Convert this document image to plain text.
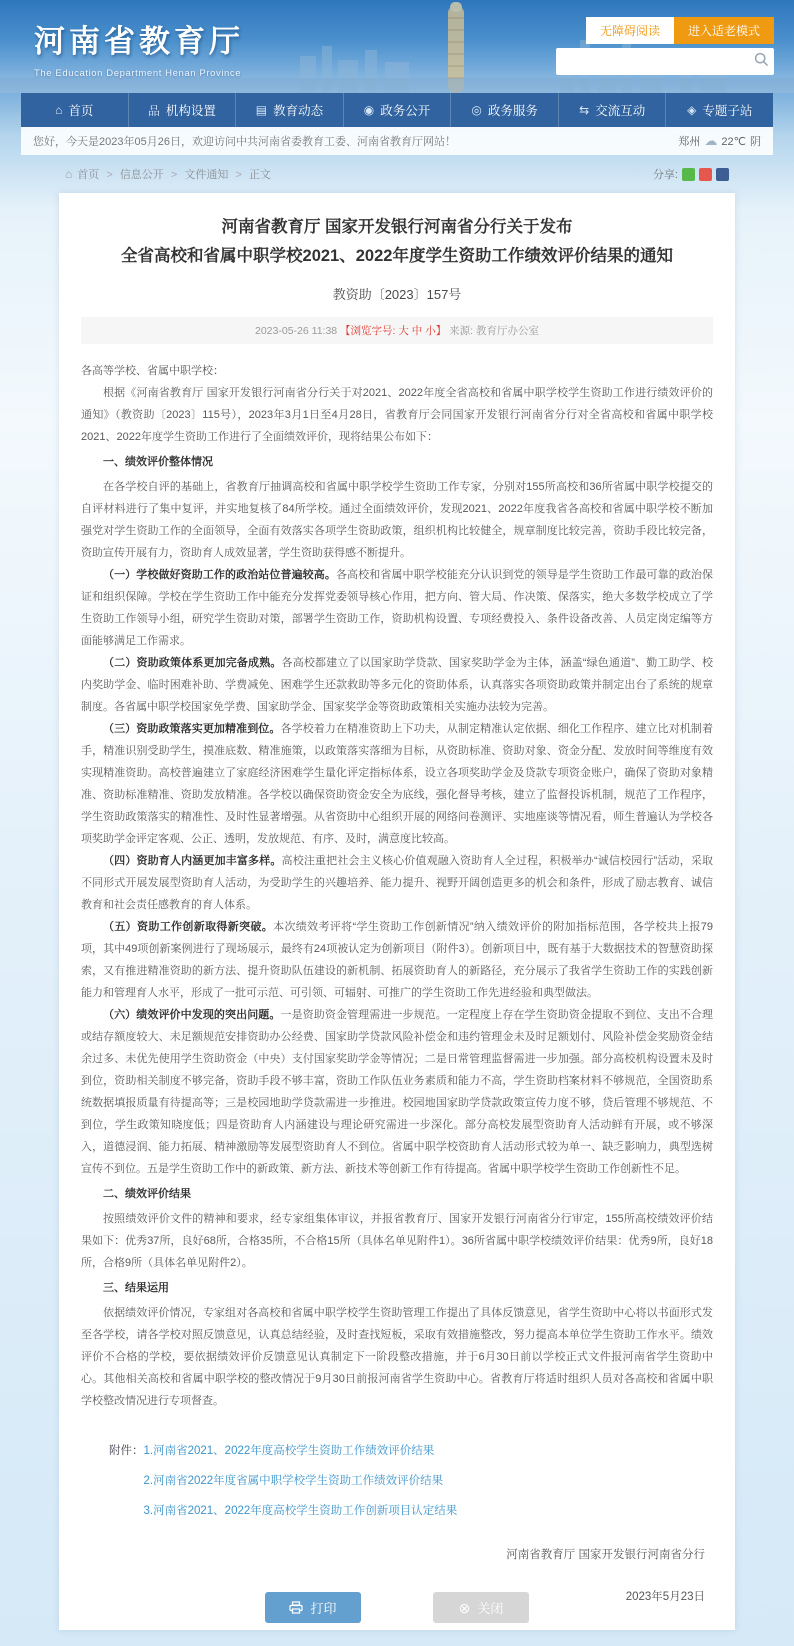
河南省教育厅
The Education Department Henan Province
无障碍阅读	进入适老模式
⌂ 首页	品 机构设置	▤ 教育动态	◉ 政务公开	◎ 政务服务	⇆ 交流互动	◈ 专题子站
您好，今天是2023年05月26日，欢迎访问中共河南省委教育工委、河南省教育厅网站！	郑州 ☁ 22℃ 阴
⌂ 首页 > 信息公开 > 文件通知 > 正文	分享:
河南省教育厅 国家开发银行河南省分行关于发布
全省高校和省属中职学校2021、2022年度学生资助工作绩效评价结果的通知
教资助〔2023〕157号
2023-05-26 11:38 【浏览字号: 大 中 小】 来源: 教育厅办公室

各高等学校、省属中职学校：

根据《河南省教育厅 国家开发银行河南省分行关于对2021、2022年度全省高校和省属中职学校学生资助工作进行绩效评价的通知》（教资助〔2023〕115号），2023年3月1日至4月28日，省教育厅会同国家开发银行河南省分行对全省高校和省属中职学校2021、2022年度学生资助工作进行了全面绩效评价，现将结果公布如下：

一、绩效评价整体情况

在各学校自评的基础上，省教育厅抽调高校和省属中职学校学生资助工作专家，分别对155所高校和36所省属中职学校提交的自评材料进行了集中复评，并实地复核了84所学校。通过全面绩效评价，发现2021、2022年度我省各高校和省属中职学校不断加强党对学生资助工作的全面领导，全面有效落实各项学生资助政策，组织机构比较健全，规章制度比较完善，资助手段比较完备，资助宣传开展有力，资助育人成效显著，学生资助获得感不断提升。

（一）学校做好资助工作的政治站位普遍较高。各高校和省属中职学校能充分认识到党的领导是学生资助工作最可靠的政治保证和组织保障。学校在学生资助工作中能充分发挥党委领导核心作用，把方向、管大局、作决策、保落实，绝大多数学校成立了学生资助工作领导小组，研究学生资助对策，部署学生资助工作，资助机构设置、专项经费投入、条件设备改善、人员定岗定编等方面能够满足工作需求。

（二）资助政策体系更加完备成熟。各高校都建立了以国家助学贷款、国家奖助学金为主体，涵盖“绿色通道”、勤工助学、校内奖助学金、临时困难补助、学费减免、困难学生还款救助等多元化的资助体系，认真落实各项资助政策并制定出台了系统的规章制度。各省属中职学校国家免学费、国家助学金、国家奖学金等资助政策相关实施办法较为完善。

（三）资助政策落实更加精准到位。各学校着力在精准资助上下功夫，从制定精准认定依据、细化工作程序、建立比对机制着手，精准识别受助学生，摸准底数、精准施策，以政策落实落细为目标，从资助标准、资助对象、资金分配、发放时间等维度有效实现精准资助。高校普遍建立了家庭经济困难学生量化评定指标体系，设立各项奖助学金及贷款专项资金账户，确保了资助对象精准、资助标准精准、资助发放精准。各学校以确保资助资金安全为底线，强化督导考核，建立了监督投诉机制，规范了工作程序，学生资助政策落实的精准性、及时性显著增强。从省资助中心组织开展的网络问卷测评、实地座谈等情况看，师生普遍认为学校各项奖助学金评定客观、公正、透明，发放规范、有序、及时，满意度比较高。

（四）资助育人内涵更加丰富多样。高校注重把社会主义核心价值观融入资助育人全过程，积极举办“诚信校园行”活动，采取不同形式开展发展型资助育人活动，为受助学生的兴趣培养、能力提升、视野开阔创造更多的机会和条件，形成了励志教育、诚信教育和社会责任感教育的育人体系。

（五）资助工作创新取得新突破。本次绩效考评将“学生资助工作创新情况”纳入绩效评价的附加指标范围，各学校共上报79项，其中49项创新案例进行了现场展示，最终有24项被认定为创新项目（附件3）。创新项目中，既有基于大数据技术的智慧资助探索，又有推进精准资助的新方法、提升资助队伍建设的新机制、拓展资助育人的新路径，充分展示了我省学生资助工作的实践创新能力和管理育人水平，形成了一批可示范、可引领、可辐射、可推广的学生资助工作先进经验和典型做法。

（六）绩效评价中发现的突出问题。一是资助资金管理需进一步规范。一定程度上存在学生资助资金提取不到位、支出不合理或结存额度较大、未足额规范安排资助办公经费、国家助学贷款风险补偿金和违约管理金未及时足额划付、风险补偿金奖励资金结余过多、未优先使用学生资助资金（中央）支付国家奖助学金等情况；二是日常管理监督需进一步加强。部分高校机构设置未及时到位，资助相关制度不够完备，资助手段不够丰富，资助工作队伍业务素质和能力不高，学生资助档案材料不够规范，全国资助系统数据填报质量有待提高等；三是校园地助学贷款需进一步推进。校园地国家助学贷款政策宣传力度不够，贷后管理不够规范、不到位，学生政策知晓度低；四是资助育人内涵建设与理论研究需进一步深化。部分高校发展型资助育人活动鲜有开展，或不够深入，道德浸润、能力拓展、精神激励等发展型资助育人不到位。省属中职学校资助育人活动形式较为单一、缺乏影响力，典型选树宣传不到位。五是学生资助工作中的新政策、新方法、新技术等创新工作有待提高。省属中职学校学生资助工作创新性不足。

二、绩效评价结果

按照绩效评价文件的精神和要求，经专家组集体审议，并报省教育厅、国家开发银行河南省分行审定，155所高校绩效评价结果如下：优秀37所，良好68所，合格35所，不合格15所（具体名单见附件1）。36所省属中职学校绩效评价结果：优秀9所，良好18所，合格9所（具体名单见附件2）。

三、结果运用

依据绩效评价情况，专家组对各高校和省属中职学校学生资助管理工作提出了具体反馈意见，省学生资助中心将以书面形式发至各学校，请各学校对照反馈意见，认真总结经验，及时查找短板，采取有效措施整改，努力提高本单位学生资助工作水平。绩效评价不合格的学校，要依据绩效评价反馈意见认真制定下一阶段整改措施，并于6月30日前以学校正式文件报河南省学生资助中心。其他相关高校和省属中职学校的整改情况于9月30日前报河南省学生资助中心。省教育厅将适时组织人员对各高校和省属中职学校整改情况进行专项督查。

附件： 1.河南省2021、2022年度高校学生资助工作绩效评价结果
2.河南省2022年度省属中职学校学生资助工作绩效评价结果
3.河南省2021、2022年度高校学生资助工作创新项目认定结果
河南省教育厅 国家开发银行河南省分行
2023年5月23日
打印	⊗ 关闭
